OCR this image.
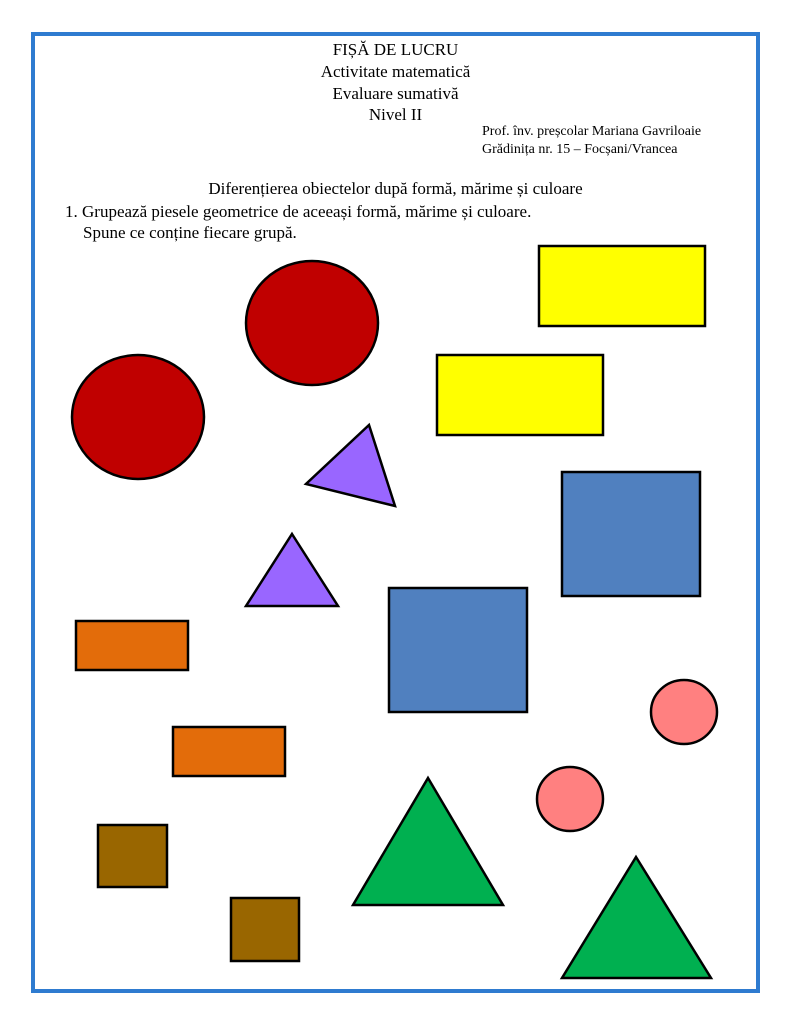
FIȘĂ DE LUCRU
Activitate matematică
Evaluare sumativă
Nivel II
Prof. înv. preșcolar Mariana Gavriloaie
Grădinița nr. 15 – Focșani/Vrancea
Diferențierea obiectelor după formă, mărime și culoare
1. Grupează piesele geometrice de aceeași formă, mărime și culoare.
Spune ce conține fiecare grupă.
